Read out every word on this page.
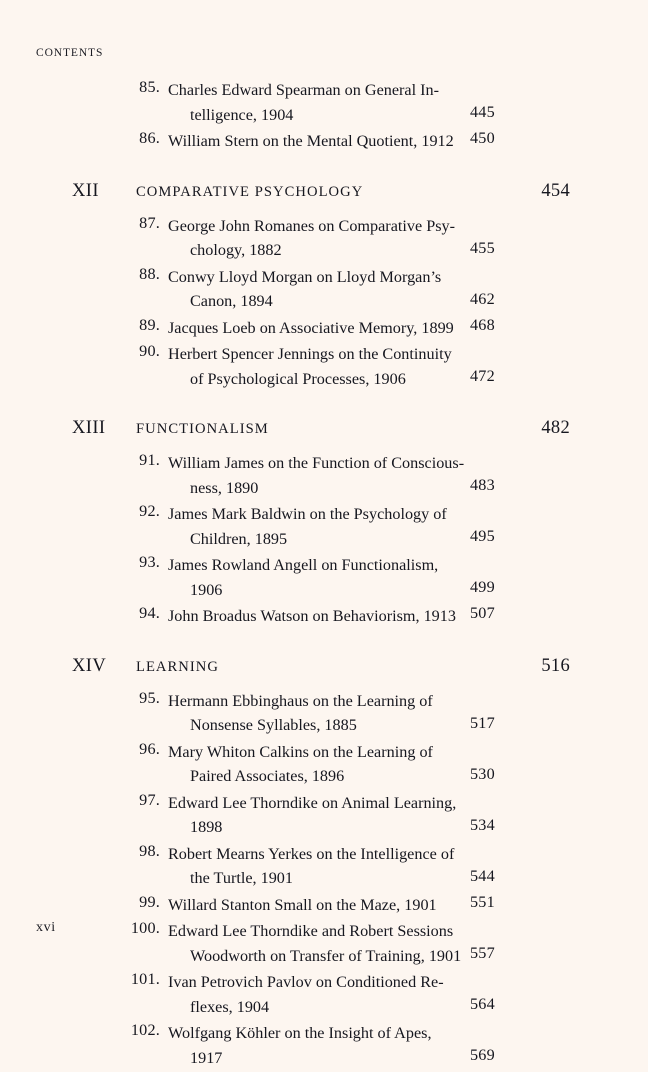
CONTENTS
85. Charles Edward Spearman on General In-
telligence, 1904	445
86. William Stern on the Mental Quotient, 1912	450
XII	COMPARATIVE PSYCHOLOGY	454
87. George John Romanes on Comparative Psy-
chology, 1882	455
88. Conwy Lloyd Morgan on Lloyd Morgan’s
Canon, 1894	462
89. Jacques Loeb on Associative Memory, 1899	468
90. Herbert Spencer Jennings on the Continuity
of Psychological Processes, 1906	472
XIII	FUNCTIONALISM	482
91. William James on the Function of Conscious-
ness, 1890	483
92. James Mark Baldwin on the Psychology of
Children, 1895	495
93. James Rowland Angell on Functionalism,
1906	499
94. John Broadus Watson on Behaviorism, 1913 507
XIV	LEARNING	516
95. Hermann Ebbinghaus on the Learning of
Nonsense Syllables, 1885	517
96. Mary Whiton Calkins on the Learning of
Paired Associates, 1896	530
97. Edward Lee Thorndike on Animal Learning,
1898	534
98. Robert Mearns Yerkes on the Intelligence of
the Turtle, 1901	544
99. Willard Stanton Small on the Maze, 1901	551
100. Edward Lee Thorndike and Robert Sessions
Woodworth on Transfer of Training, 1901 557
101. Ivan Petrovich Pavlov on Conditioned Re-
flexes, 1904	564
102. Wolfgang Köhler on the Insight of Apes,
1917	569
xvi
